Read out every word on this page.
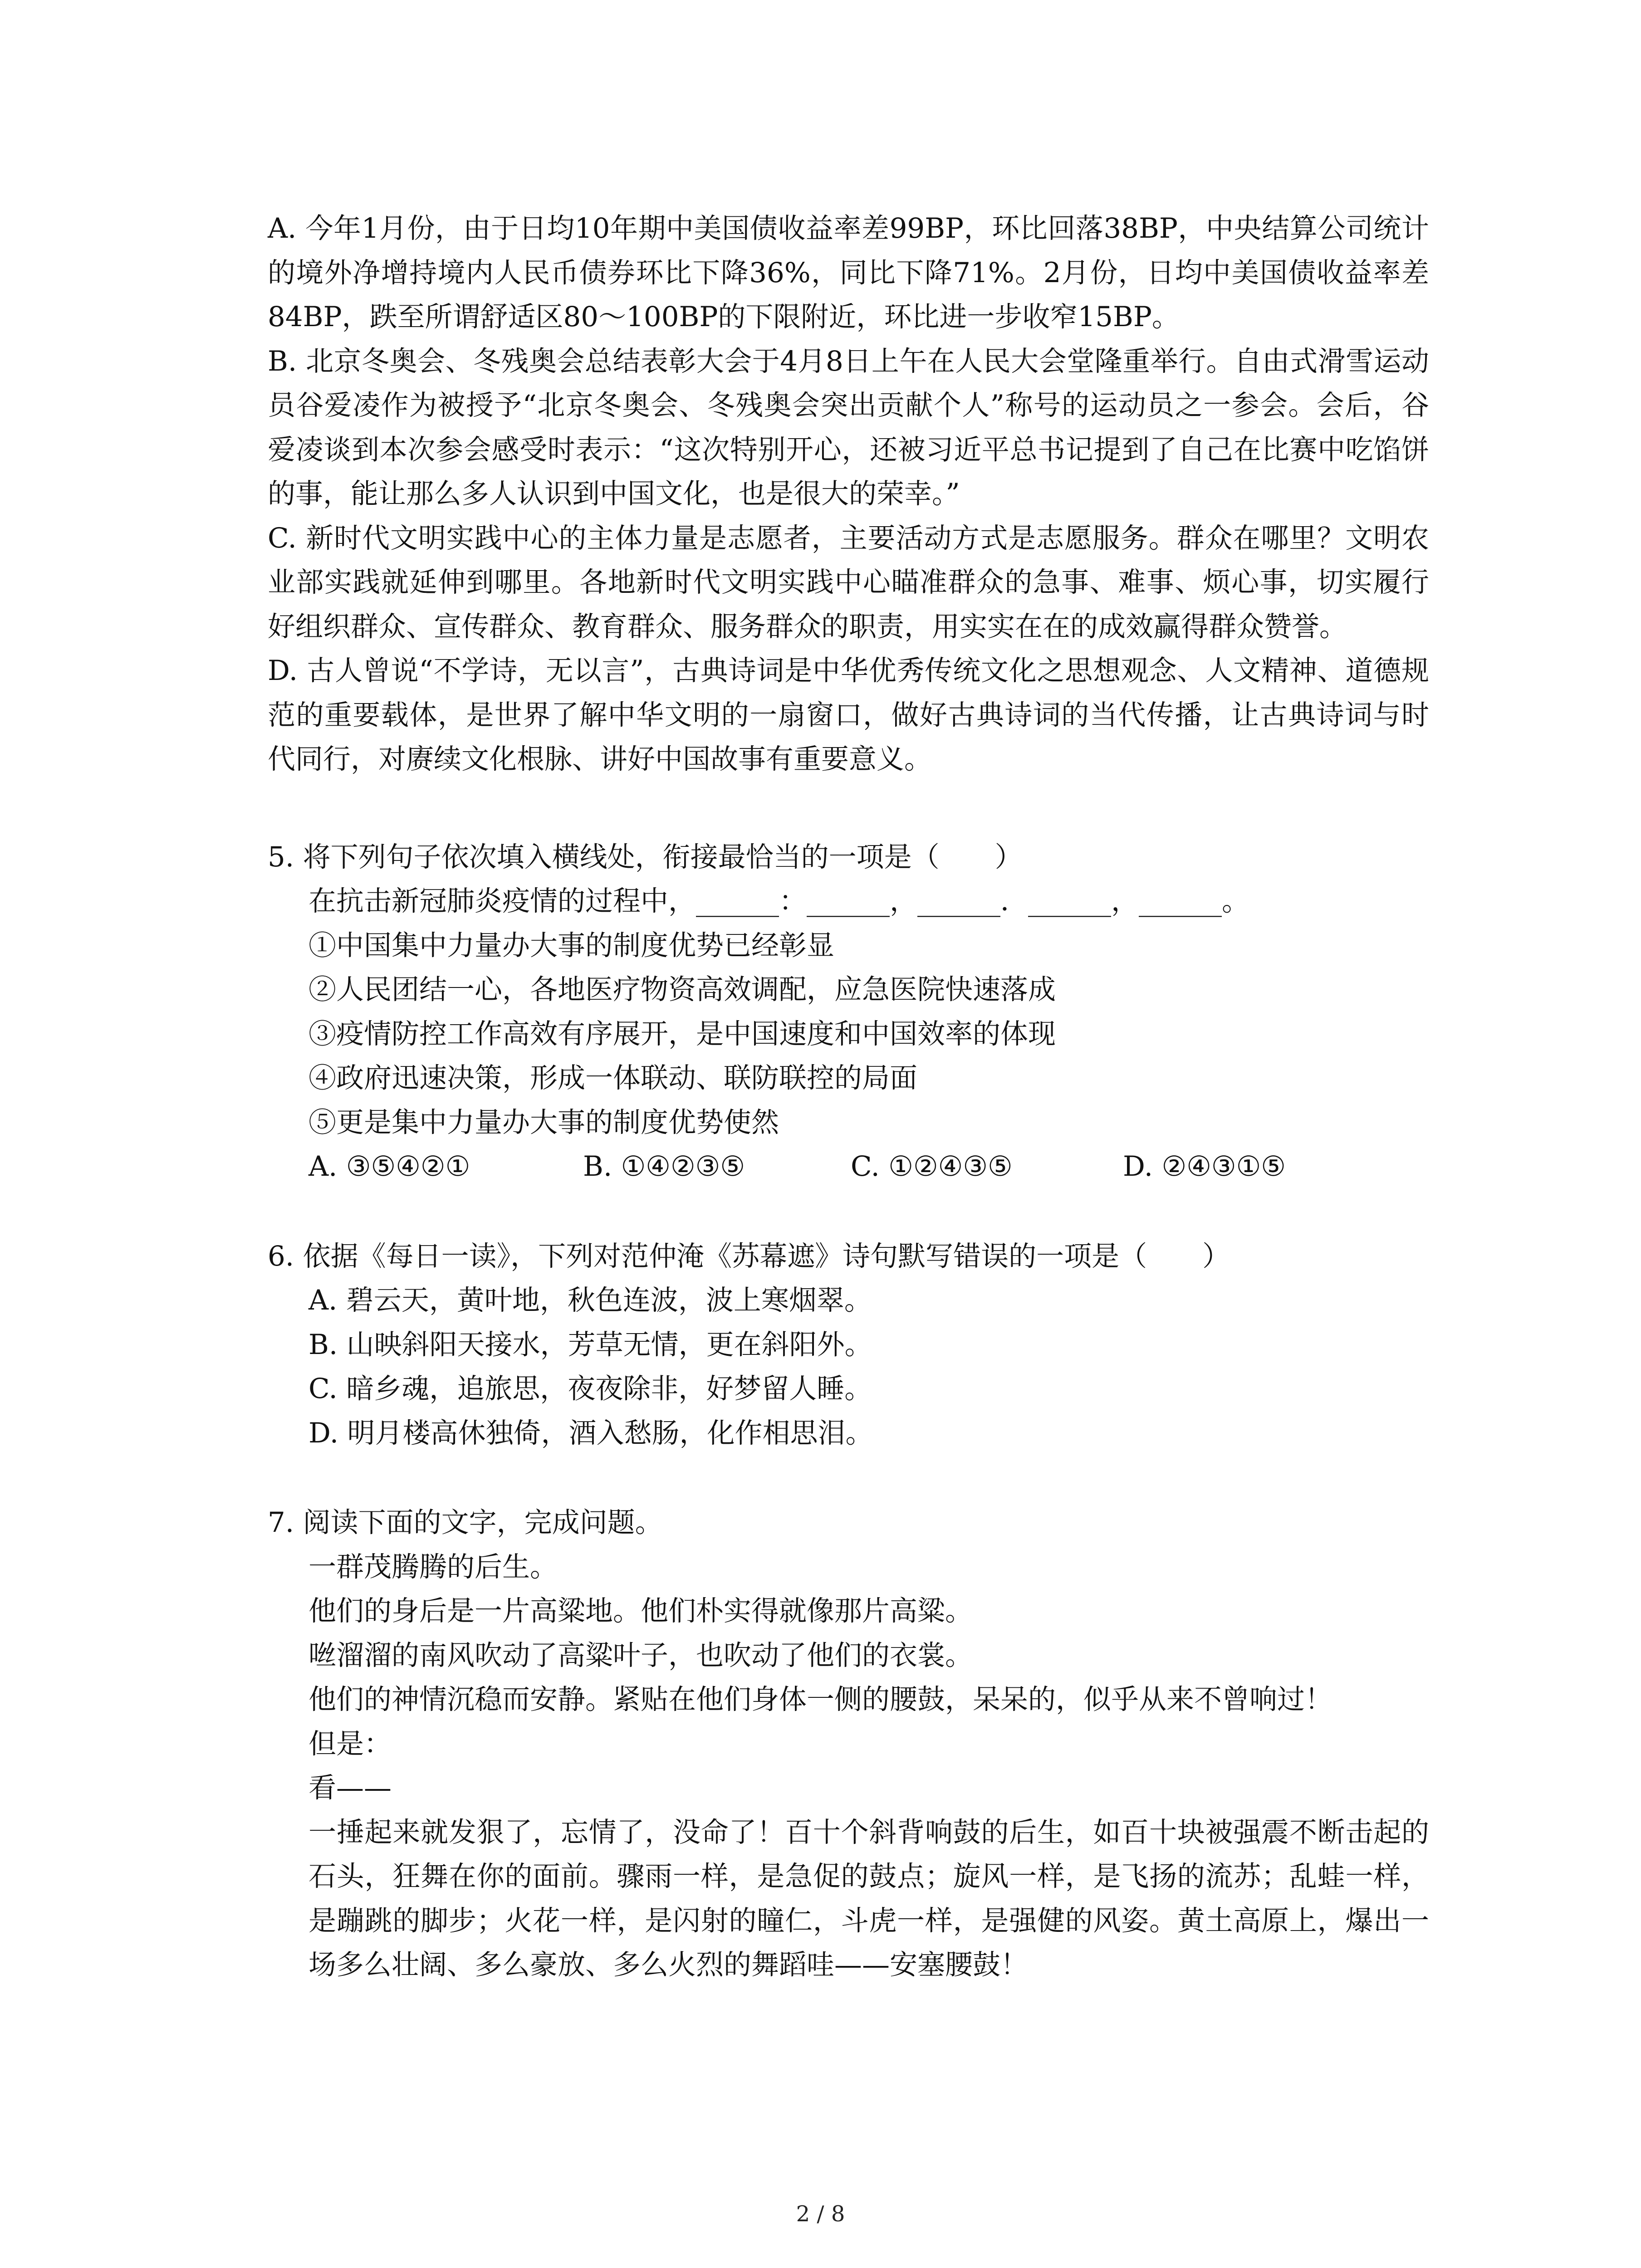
A. 今年1月份，由于日均10年期中美国债收益率差99BP，环比回落38BP，中央结算公司统计的境外净增持境内人民币债券环比下降36%，同比下降71%。2月份，日均中美国债收益率差84BP，跌至所谓舒适区80～100BP的下限附近，环比进一步收窄15BP。

B. 北京冬奥会、冬残奥会总结表彰大会于4月8日上午在人民大会堂隆重举行。自由式滑雪运动员谷爱凌作为被授予“北京冬奥会、冬残奥会突出贡献个人”称号的运动员之一参会。会后，谷爱凌谈到本次参会感受时表示：“这次特别开心，还被习近平总书记提到了自己在比赛中吃馅饼的事，能让那么多人认识到中国文化，也是很大的荣幸。”

C. 新时代文明实践中心的主体力量是志愿者，主要活动方式是志愿服务。群众在哪里？文明农业部实践就延伸到哪里。各地新时代文明实践中心瞄准群众的急事、难事、烦心事，切实履行好组织群众、宣传群众、教育群众、服务群众的职责，用实实在在的成效赢得群众赞誉。

D. 古人曾说“不学诗，无以言”，古典诗词是中华优秀传统文化之思想观念、人文精神、道德规范的重要载体，是世界了解中华文明的一扇窗口，做好古典诗词的当代传播，让古典诗词与时代同行，对赓续文化根脉、讲好中国故事有重要意义。

5. 将下列句子依次填入横线处，衔接最恰当的一项是（　　）

在抗击新冠肺炎疫情的过程中，______：______，______．______，______。

①中国集中力量办大事的制度优势已经彰显

②人民团结一心，各地医疗物资高效调配，应急医院快速落成

③疫情防控工作高效有序展开，是中国速度和中国效率的体现

④政府迅速决策，形成一体联动、联防联控的局面

⑤更是集中力量办大事的制度优势使然

A. ③⑤④②①	B. ①④②③⑤	C. ①②④③⑤	D. ②④③①⑤

6. 依据《每日一读》，下列对范仲淹《苏幕遮》诗句默写错误的一项是（　　）

A. 碧云天，黄叶地，秋色连波，波上寒烟翠。

B. 山映斜阳天接水，芳草无情，更在斜阳外。

C. 暗乡魂，追旅思，夜夜除非，好梦留人睡。

D. 明月楼高休独倚，酒入愁肠，化作相思泪。

7. 阅读下面的文字，完成问题。

一群茂腾腾的后生。

他们的身后是一片高粱地。他们朴实得就像那片高粱。

咝溜溜的南风吹动了高粱叶子，也吹动了他们的衣裳。

他们的神情沉稳而安静。紧贴在他们身体一侧的腰鼓，呆呆的，似乎从来不曾响过！

但是：

看——

一捶起来就发狠了，忘情了，没命了！百十个斜背响鼓的后生，如百十块被强震不断击起的石头，狂舞在你的面前。骤雨一样，是急促的鼓点；旋风一样，是飞扬的流苏；乱蛙一样，是蹦跳的脚步；火花一样，是闪射的瞳仁，斗虎一样，是强健的风姿。黄土高原上，爆出一场多么壮阔、多么豪放、多么火烈的舞蹈哇——安塞腰鼓！

2 / 8
